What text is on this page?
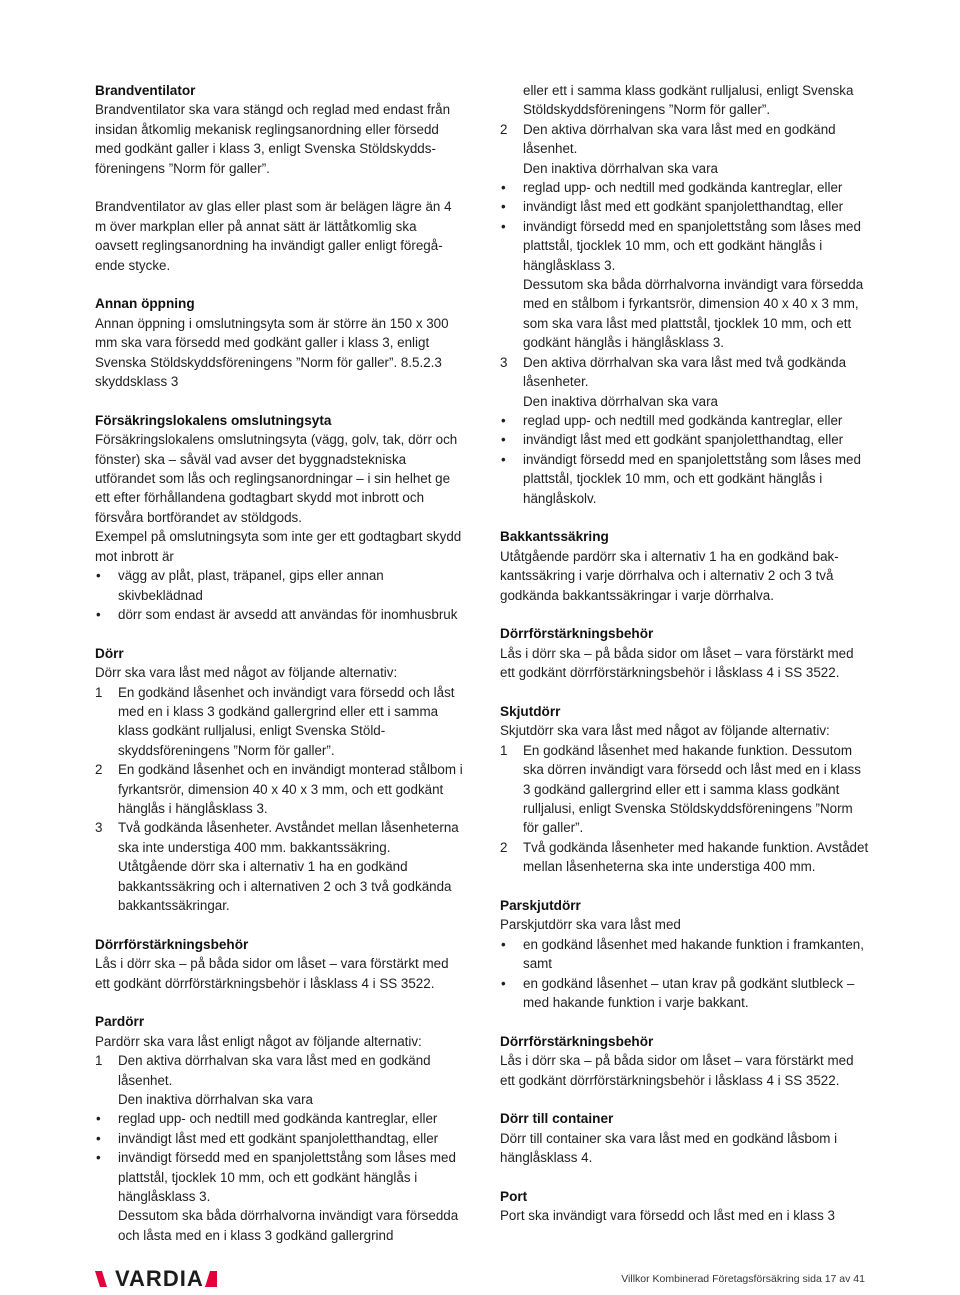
Brandventilator

Brandventilator ska vara stängd och reglad med endast från insidan åtkomlig mekanisk reglingsanordning eller försedd med godkänt galler i klass 3, enligt Svenska Stöldskyddsföreningens ”Norm för galler”.

Brandventilator av glas eller plast som är belägen lägre än 4 m över markplan eller på annat sätt är lättåtkomlig ska oavsett reglingsanordning ha invändigt galler enligt föregående stycke.

Annan öppning

Annan öppning i omslutningsyta som är större än 150 x 300 mm ska vara försedd med godkänt galler i klass 3, enligt Svenska Stöldskyddsföreningens ”Norm för galler”. 8.5.2.3 skyddsklass 3

Försäkringslokalens omslutningsyta

Försäkringslokalens omslutningsyta (vägg, golv, tak, dörr och fönster) ska – såväl vad avser det byggnadstekniska utförandet som lås och reglingsanordningar – i sin helhet ge ett efter förhållandena godtagbart skydd mot inbrott och försvåra bortförandet av stöldgods.

Exempel på omslutningsyta som inte ger ett godtagbart skydd mot inbrott är

• vägg av plåt, plast, träpanel, gips eller annan skivbeklädnad
• dörr som endast är avsedd att användas för inomhusbruk
Dörr

Dörr ska vara låst med något av följande alternativ:

1 En godkänd låsenhet och invändigt vara försedd och låst med en i klass 3 godkänd gallergrind eller ett i samma klass godkänt rulljalusi, enligt Svenska Stöldskyddsföreningens ”Norm för galler”.
2 En godkänd låsenhet och en invändigt monterad stålbom i fyrkantsrör, dimension 40 x 40 x 3 mm, och ett godkänt hänglås i hänglåsklass 3.
3 Två godkända låsenheter. Avståndet mellan låsenheterna ska inte understiga 400 mm. bakkantssäkring. Utåtgående dörr ska i alternativ 1 ha en godkänd bakkantssäkring och i alternativen 2 och 3 två godkända bakkantssäkringar.
Dörrförstärkningsbehör

Lås i dörr ska – på båda sidor om låset – vara förstärkt med ett godkänt dörrförstärkningsbehör i låsklass 4 i SS 3522.

Pardörr

Pardörr ska vara låst enligt något av följande alternativ:

1 Den aktiva dörrhalvan ska vara låst med en godkänd låsenhet.

Den inaktiva dörrhalvan ska vara

• reglad upp- och nedtill med godkända kantreglar, eller
• invändigt låst med ett godkänt spanjoletthandtag, eller
• invändigt försedd med en spanjolettstång som låses med plattstål, tjocklek 10 mm, och ett godkänt hänglås i hänglåsklass 3.

Dessutom ska båda dörrhalvorna invändigt vara försedda och låsta med en i klass 3 godkänd gallergrind

eller ett i samma klass godkänt rulljalusi, enligt Svenska Stöldskyddsföreningens ”Norm för galler”.

2 Den aktiva dörrhalvan ska vara låst med en godkänd låsenhet.

Den inaktiva dörrhalvan ska vara

• reglad upp- och nedtill med godkända kantreglar, eller
• invändigt låst med ett godkänt spanjoletthandtag, eller
• invändigt försedd med en spanjolettstång som låses med plattstål, tjocklek 10 mm, och ett godkänt hänglås i hänglåsklass 3.

Dessutom ska båda dörrhalvorna invändigt vara försedda med en stålbom i fyrkantsrör, dimension 40 x 40 x 3 mm, som ska vara låst med plattstål, tjocklek 10 mm, och ett godkänt hänglås i hänglåsklass 3.

3 Den aktiva dörrhalvan ska vara låst med två godkända låsenheter.

Den inaktiva dörrhalvan ska vara

• reglad upp- och nedtill med godkända kantreglar, eller
• invändigt låst med ett godkänt spanjoletthandtag, eller
• invändigt försedd med en spanjolettstång som låses med plattstål, tjocklek 10 mm, och ett godkänt hänglås i hänglåskolv.
Bakkantssäkring

Utåtgående pardörr ska i alternativ 1 ha en godkänd bakkantssäkring i varje dörrhalva och i alternativ 2 och 3 två godkända bakkantssäkringar i varje dörrhalva.

Dörrförstärkningsbehör

Lås i dörr ska – på båda sidor om låset – vara förstärkt med ett godkänt dörrförstärkningsbehör i låsklass 4 i SS 3522.

Skjutdörr

Skjutdörr ska vara låst med något av följande alternativ:

1 En godkänd låsenhet med hakande funktion. Dessutom ska dörren invändigt vara försedd och låst med en i klass 3 godkänd gallergrind eller ett i samma klass godkänt rulljalusi, enligt Svenska Stöldskyddsföreningens ”Norm för galler”.
2 Två godkända låsenheter med hakande funktion. Avstådet mellan låsenheterna ska inte understiga 400 mm.
Parskjutdörr

Parskjutdörr ska vara låst med

• en godkänd låsenhet med hakande funktion i framkanten, samt
• en godkänd låsenhet – utan krav på godkänt slutbleck – med hakande funktion i varje bakkant.
Dörrförstärkningsbehör

Lås i dörr ska – på båda sidor om låset – vara förstärkt med ett godkänt dörrförstärkningsbehör i låsklass 4 i SS 3522.

Dörr till container

Dörr till container ska vara låst med en godkänd låsbom i hänglåsklass 4.

Port

Port ska invändigt vara försedd och låst med en i klass 3

VARDIA	Villkor Kombinerad Företagsförsäkring sida 17 av 41
